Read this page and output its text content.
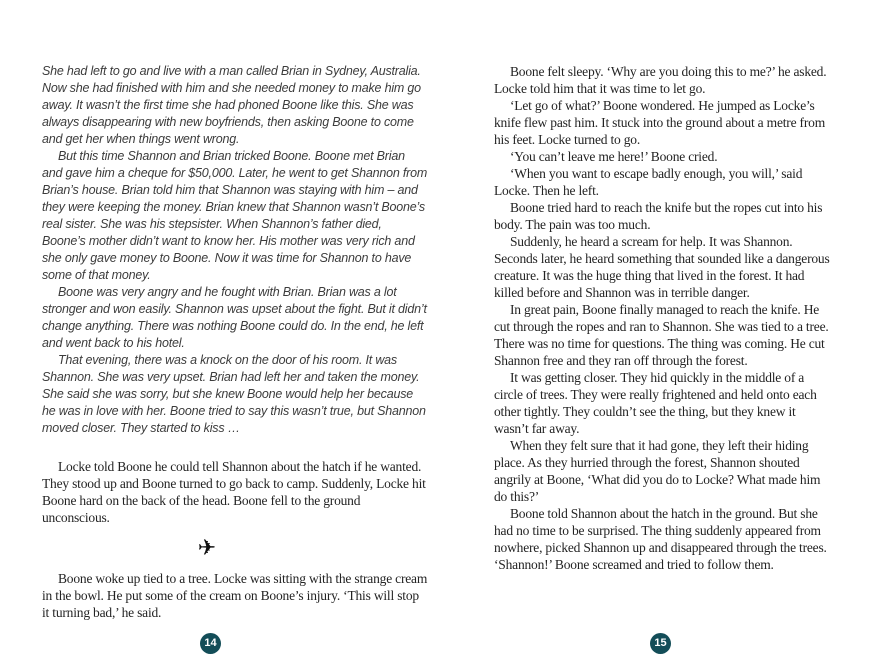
She had left to go and live with a man called Brian in Sydney, Australia. Now she had finished with him and she needed money to make him go away. It wasn’t the first time she had phoned Boone like this. She was always disappearing with new boyfriends, then asking Boone to come and get her when things went wrong.

But this time Shannon and Brian tricked Boone. Boone met Brian and gave him a cheque for $50,000. Later, he went to get Shannon from Brian’s house. Brian told him that Shannon was staying with him – and they were keeping the money. Brian knew that Shannon wasn’t Boone’s real sister. She was his stepsister. When Shannon’s father died, Boone’s mother didn’t want to know her. His mother was very rich and she only gave money to Boone. Now it was time for Shannon to have some of that money.

Boone was very angry and he fought with Brian. Brian was a lot stronger and won easily. Shannon was upset about the fight. But it didn’t change anything. There was nothing Boone could do. In the end, he left and went back to his hotel.

That evening, there was a knock on the door of his room. It was Shannon. She was very upset. Brian had left her and taken the money. She said she was sorry, but she knew Boone would help her because he was in love with her. Boone tried to say this wasn’t true, but Shannon moved closer. They started to kiss …

Locke told Boone he could tell Shannon about the hatch if he wanted. They stood up and Boone turned to go back to camp. Suddenly, Locke hit Boone hard on the back of the head. Boone fell to the ground unconscious.

✈

Boone woke up tied to a tree. Locke was sitting with the strange cream in the bowl. He put some of the cream on Boone’s injury. ‘This will stop it turning bad,’ he said.

Boone felt sleepy. ‘Why are you doing this to me?’ he asked. Locke told him that it was time to let go.

‘Let go of what?’ Boone wondered. He jumped as Locke’s knife flew past him. It stuck into the ground about a metre from his feet. Locke turned to go.

‘You can’t leave me here!’ Boone cried.

‘When you want to escape badly enough, you will,’ said Locke. Then he left.

Boone tried hard to reach the knife but the ropes cut into his body. The pain was too much.

Suddenly, he heard a scream for help. It was Shannon. Seconds later, he heard something that sounded like a dangerous creature. It was the huge thing that lived in the forest. It had killed before and Shannon was in terrible danger.

In great pain, Boone finally managed to reach the knife. He cut through the ropes and ran to Shannon. She was tied to a tree. There was no time for questions. The thing was coming. He cut Shannon free and they ran off through the forest.

It was getting closer. They hid quickly in the middle of a circle of trees. They were really frightened and held onto each other tightly. They couldn’t see the thing, but they knew it wasn’t far away.

When they felt sure that it had gone, they left their hiding place. As they hurried through the forest, Shannon shouted angrily at Boone, ‘What did you do to Locke? What made him do this?’

Boone told Shannon about the hatch in the ground. But she had no time to be surprised. The thing suddenly appeared from nowhere, picked Shannon up and disappeared through the trees. ‘Shannon!’ Boone screamed and tried to follow them.

14	15
